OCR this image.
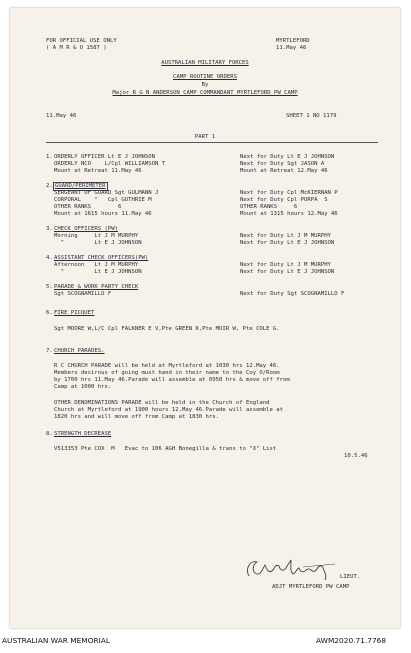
FOR OFFICIAL USE ONLY
( A M R & O 1587 )
MYRTLEFORD
11.May 46
AUSTRALIAN MILITARY FORCES
CAMP ROUTINE ORDERS
By
Major R G N ANDERSON CAMP COMMANDANT MYRTLEFORD PW CAMP
11.May 46	SHEET 1 NO 1179
PART 1
1. ORDERLY OFFICER Lt E J JOHNSON	Next for Duty Lt E J JOHNSON
ORDERLY NCO    L/Cpl WILLIAMSON T	Next for Duty Sgt JASON A
Mount at Retreat 11.May 46	Mount at Retreat 12.May 46
2. GUARD/PERIMETER
SERGEANT OF GUARD Sgt GULMANN J	Next for Duty Cpl McKIERNAN P
CORPORAL    "   Cpl GUTHRIE M	Next for Duty Cpl PORPA  S
OTHER RANKS        6	OTHER RANKS     6
Mount at 1615 hours 11.May 46	Mount at 1315 hours 12.May 46
3. CHECK OFFICERS (PW)
Morning     Lt J M MURPHY	Next for Duty Lt J M MURPHY
"         Lt E J JOHNSON	Next for Duty Lt E J JOHNSON
4. ASSISTANT CHECK OFFICERS(PW)
Afternoon   Lt J M MURPHY	Next for Duty Lt J M MURPHY
"         Lt E J JOHNSON	Next for Duty Lt E J JOHNSON
5. PARADE & WORK PARTY CHECK
Sgt SCOGNAMILLO F	Next for Duty Sgt SCOGNAMILLO F
6. FIRE PICQUET
Sgt MOORE W,L/C Cpl FALKNER E V,Pte GREEN K,Pte MUIR W, Pte COLE G.
7. CHURCH PARADES.
R C CHURCH PARADE will be held at Myrtleford at 1030 hrs 12.May 46.
Members desirous of going must hand in their name to the Coy O/Room
by 1700 hrs 11.May 46.Parade will assemble at 0950 hrs & move off from
Camp at 1000 hrs.
OTHER DENOMINATIONS PARADE will be held in the Church of England
Church at Myrtleford at 1900 hours 12.May 46.Parade will assemble at
1820 hrs and will move off from Camp at 1830 hrs.
8. STRENGTH DECREASE
V513353 Pte COX  M   Evac to 106 AGH Bonegilla & trans to "X" List
10.5.46
LIEUT.
ADJT MYRTLEFORD PW CAMP
AUSTRALIAN WAR MEMORIAL	AWM2020.71.7768
